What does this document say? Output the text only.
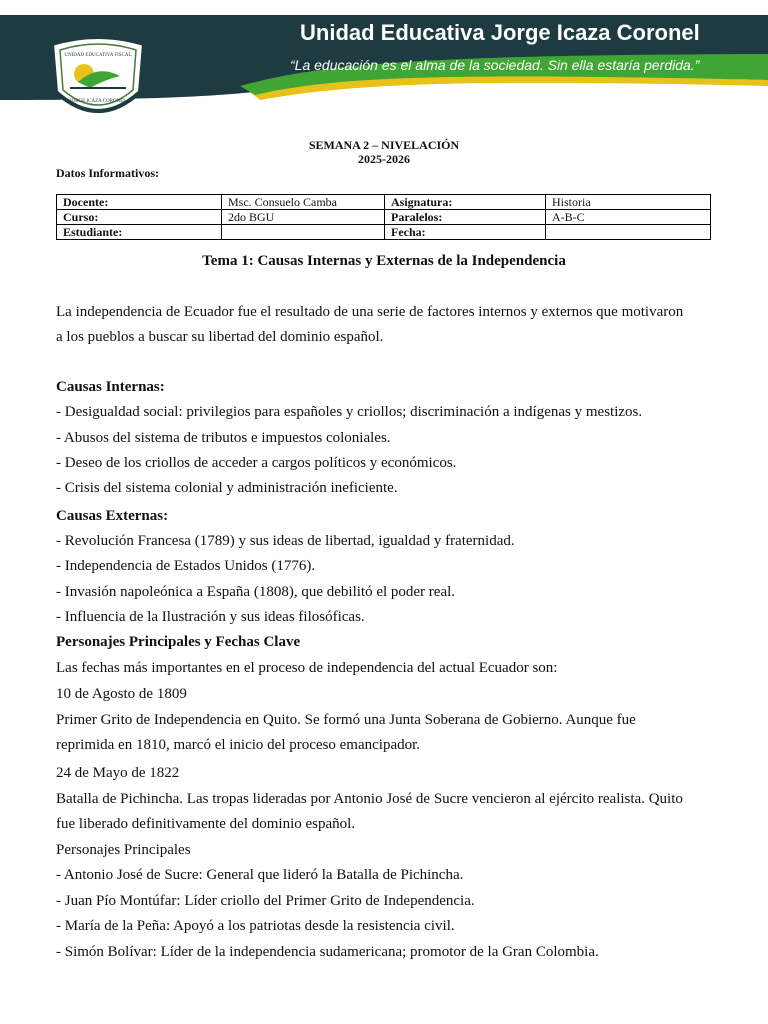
UNIDAD EDUCATIVA FISCAL
JORGE ICAZA CORONEL
Unidad Educativa Jorge Icaza Coronel
“La educación es el alma de la sociedad. Sin ella estaría perdida.”
SEMANA 2 – NIVELACIÓN
2025-2026
Datos Informativos:
Docente:	Msc. Consuelo Camba	Asignatura:	Historia
Curso:	2do BGU	Paralelos:	A-B-C
Estudiante:		Fecha:	
Tema 1: Causas Internas y Externas de la Independencia
La independencia de Ecuador fue el resultado de una serie de factores internos y externos que motivaron
a los pueblos a buscar su libertad del dominio español.
Causas Internas:
- Desigualdad social: privilegios para españoles y criollos; discriminación a indígenas y mestizos.
- Abusos del sistema de tributos e impuestos coloniales.
- Deseo de los criollos de acceder a cargos políticos y económicos.
- Crisis del sistema colonial y administración ineficiente.
Causas Externas:
- Revolución Francesa (1789) y sus ideas de libertad, igualdad y fraternidad.
- Independencia de Estados Unidos (1776).
- Invasión napoleónica a España (1808), que debilitó el poder real.
- Influencia de la Ilustración y sus ideas filosóficas.
Personajes Principales y Fechas Clave
Las fechas más importantes en el proceso de independencia del actual Ecuador son:
10 de Agosto de 1809
Primer Grito de Independencia en Quito. Se formó una Junta Soberana de Gobierno. Aunque fue
reprimida en 1810, marcó el inicio del proceso emancipador.
24 de Mayo de 1822
Batalla de Pichincha. Las tropas lideradas por Antonio José de Sucre vencieron al ejército realista. Quito
fue liberado definitivamente del dominio español.
Personajes Principales
- Antonio José de Sucre: General que lideró la Batalla de Pichincha.
- Juan Pío Montúfar: Líder criollo del Primer Grito de Independencia.
- María de la Peña: Apoyó a los patriotas desde la resistencia civil.
- Simón Bolívar: Líder de la independencia sudamericana; promotor de la Gran Colombia.
